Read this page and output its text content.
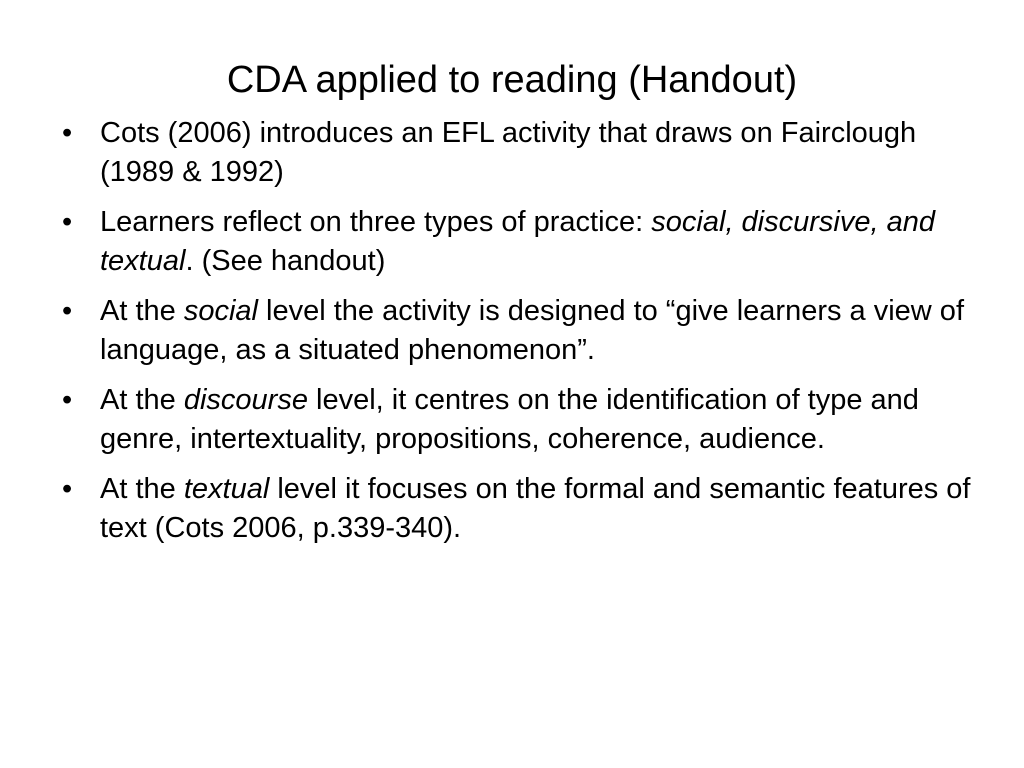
CDA applied to reading (Handout)
• Cots (2006) introduces an EFL activity that draws on Fairclough (1989 & 1992)
• Learners reflect on three types of practice: social, discursive, and textual. (See handout)
• At the social level the activity is designed to “give learners a view of language, as a situated phenomenon”.
• At the discourse level, it centres on the identification of type and genre, intertextuality, propositions, coherence, audience.
• At the textual level it focuses on the formal and semantic features of text (Cots 2006, p.339-340).
